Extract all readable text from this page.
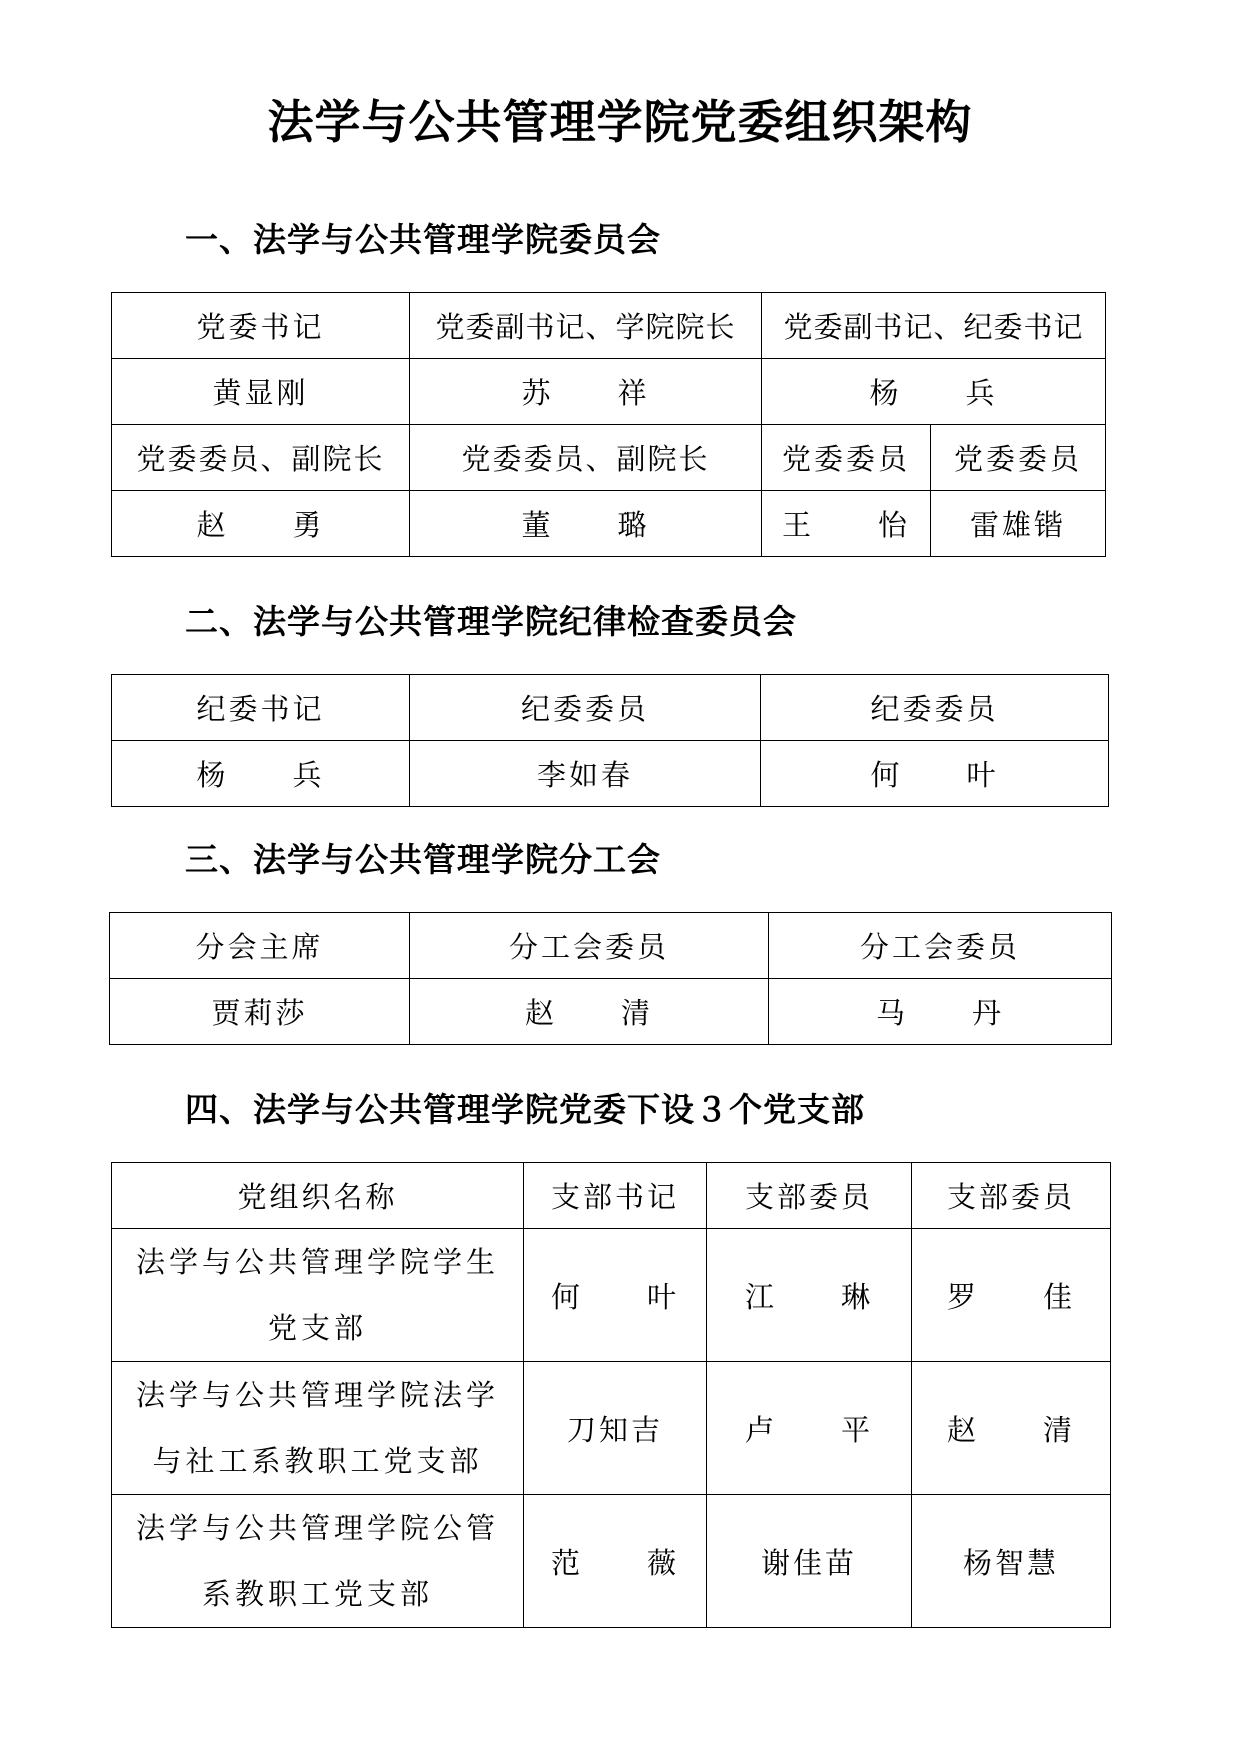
法学与公共管理学院党委组织架构
一、法学与公共管理学院委员会
党委书记	党委副书记、学院院长	党委副书记、纪委书记	
黄显刚	苏　　祥	杨　　兵	
党委委员、副院长	党委委员、副院长	党委委员	党委委员
赵　　勇	董　　璐	王　　怡	雷雄锴
二、法学与公共管理学院纪律检查委员会
纪委书记	纪委委员	纪委委员
杨　　兵	李如春	何　　叶
三、法学与公共管理学院分工会
分会主席	分工会委员	分工会委员
贾莉莎	赵　　清	马　　丹
四、法学与公共管理学院党委下设３个党支部
党组织名称	支部书记	支部委员	支部委员
法学与公共管理学院学生党支部	何　　叶	江　　琳	罗　　佳
法学与公共管理学院法学与社工系教职工党支部	刀知吉	卢　　平	赵　　清
法学与公共管理学院公管系教职工党支部	范　　薇	谢佳苗	杨智慧
